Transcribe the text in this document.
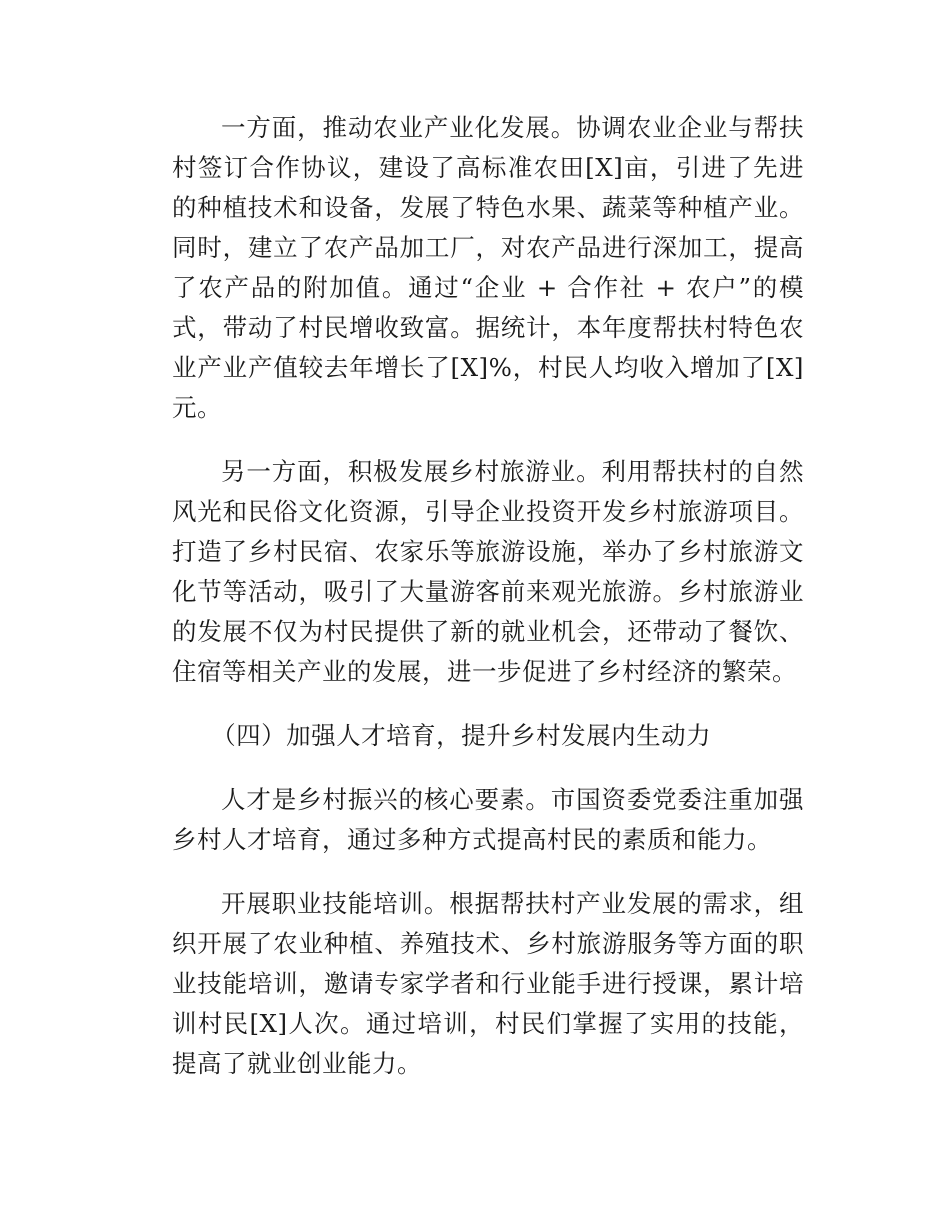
一方面，推动农业产业化发展。协调农业企业与帮扶村签订合作协议，建设了高标准农田[X]亩，引进了先进的种植技术和设备，发展了特色水果、蔬菜等种植产业。同时，建立了农产品加工厂，对农产品进行深加工，提高了农产品的附加值。通过“企业 + 合作社 + 农户”的模式，带动了村民增收致富。据统计，本年度帮扶村特色农业产业产值较去年增长了[X]%，村民人均收入增加了[X]元。

另一方面，积极发展乡村旅游业。利用帮扶村的自然风光和民俗文化资源，引导企业投资开发乡村旅游项目。打造了乡村民宿、农家乐等旅游设施，举办了乡村旅游文化节等活动，吸引了大量游客前来观光旅游。乡村旅游业的发展不仅为村民提供了新的就业机会，还带动了餐饮、住宿等相关产业的发展，进一步促进了乡村经济的繁荣。

（四）加强人才培育，提升乡村发展内生动力

人才是乡村振兴的核心要素。市国资委党委注重加强乡村人才培育，通过多种方式提高村民的素质和能力。

开展职业技能培训。根据帮扶村产业发展的需求，组织开展了农业种植、养殖技术、乡村旅游服务等方面的职业技能培训，邀请专家学者和行业能手进行授课，累计培训村民[X]人次。通过培训，村民们掌握了实用的技能，提高了就业创业能力。
